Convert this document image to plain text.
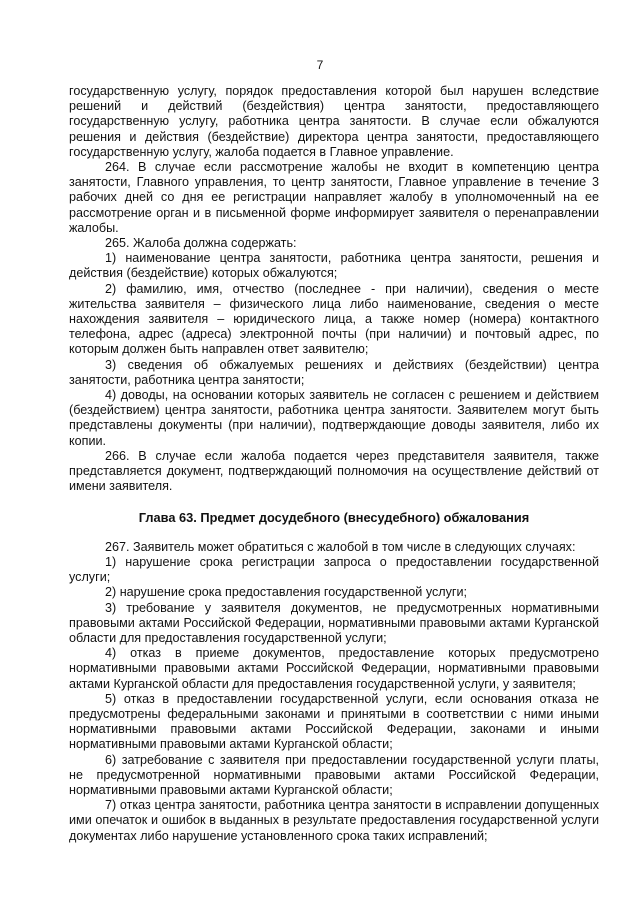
7

государственную услугу, порядок предоставления которой был нарушен вследствие решений и действий (бездействия) центра занятости, предоставляющего государственную услугу, работника центра занятости. В случае если обжалуются решения и действия (бездействие) директора центра занятости, предоставляющего государственную услугу, жалоба подается в Главное управление.

264. В случае если рассмотрение жалобы не входит в компетенцию центра занятости, Главного управления, то центр занятости, Главное управление в течение 3 рабочих дней со дня ее регистрации направляет жалобу в уполномоченный на ее рассмотрение орган и в письменной форме информирует заявителя о перенаправлении жалобы.

265. Жалоба должна содержать:

1) наименование центра занятости, работника центра занятости, решения и действия (бездействие) которых обжалуются;

2) фамилию, имя, отчество (последнее - при наличии), сведения о месте жительства заявителя – физического лица либо наименование, сведения о месте нахождения заявителя – юридического лица, а также номер (номера) контактного телефона, адрес (адреса) электронной почты (при наличии) и почтовый адрес, по которым должен быть направлен ответ заявителю;

3) сведения об обжалуемых решениях и действиях (бездействии) центра занятости, работника центра занятости;

4) доводы, на основании которых заявитель не согласен с решением и действием (бездействием) центра занятости, работника центра занятости. Заявителем могут быть представлены документы (при наличии), подтверждающие доводы заявителя, либо их копии.

266. В случае если жалоба подается через представителя заявителя, также представляется документ, подтверждающий полномочия на осуществление действий от имени заявителя.

Глава 63. Предмет досудебного (внесудебного) обжалования

267. Заявитель может обратиться с жалобой в том числе в следующих случаях:

1) нарушение срока регистрации запроса о предоставлении государственной услуги;

2) нарушение срока предоставления государственной услуги;

3) требование у заявителя документов, не предусмотренных нормативными правовыми актами Российской Федерации, нормативными правовыми актами Курганской области для предоставления государственной услуги;

4) отказ в приеме документов, предоставление которых предусмотрено нормативными правовыми актами Российской Федерации, нормативными правовыми актами Курганской области для предоставления государственной услуги, у заявителя;

5) отказ в предоставлении государственной услуги, если основания отказа не предусмотрены федеральными законами и принятыми в соответствии с ними иными нормативными правовыми актами Российской Федерации, законами и иными нормативными правовыми актами Курганской области;

6) затребование с заявителя при предоставлении государственной услуги платы, не предусмотренной нормативными правовыми актами Российской Федерации, нормативными правовыми актами Курганской области;

7) отказ центра занятости, работника центра занятости в исправлении допущенных ими опечаток и ошибок в выданных в результате предоставления государственной услуги документах либо нарушение установленного срока таких исправлений;
